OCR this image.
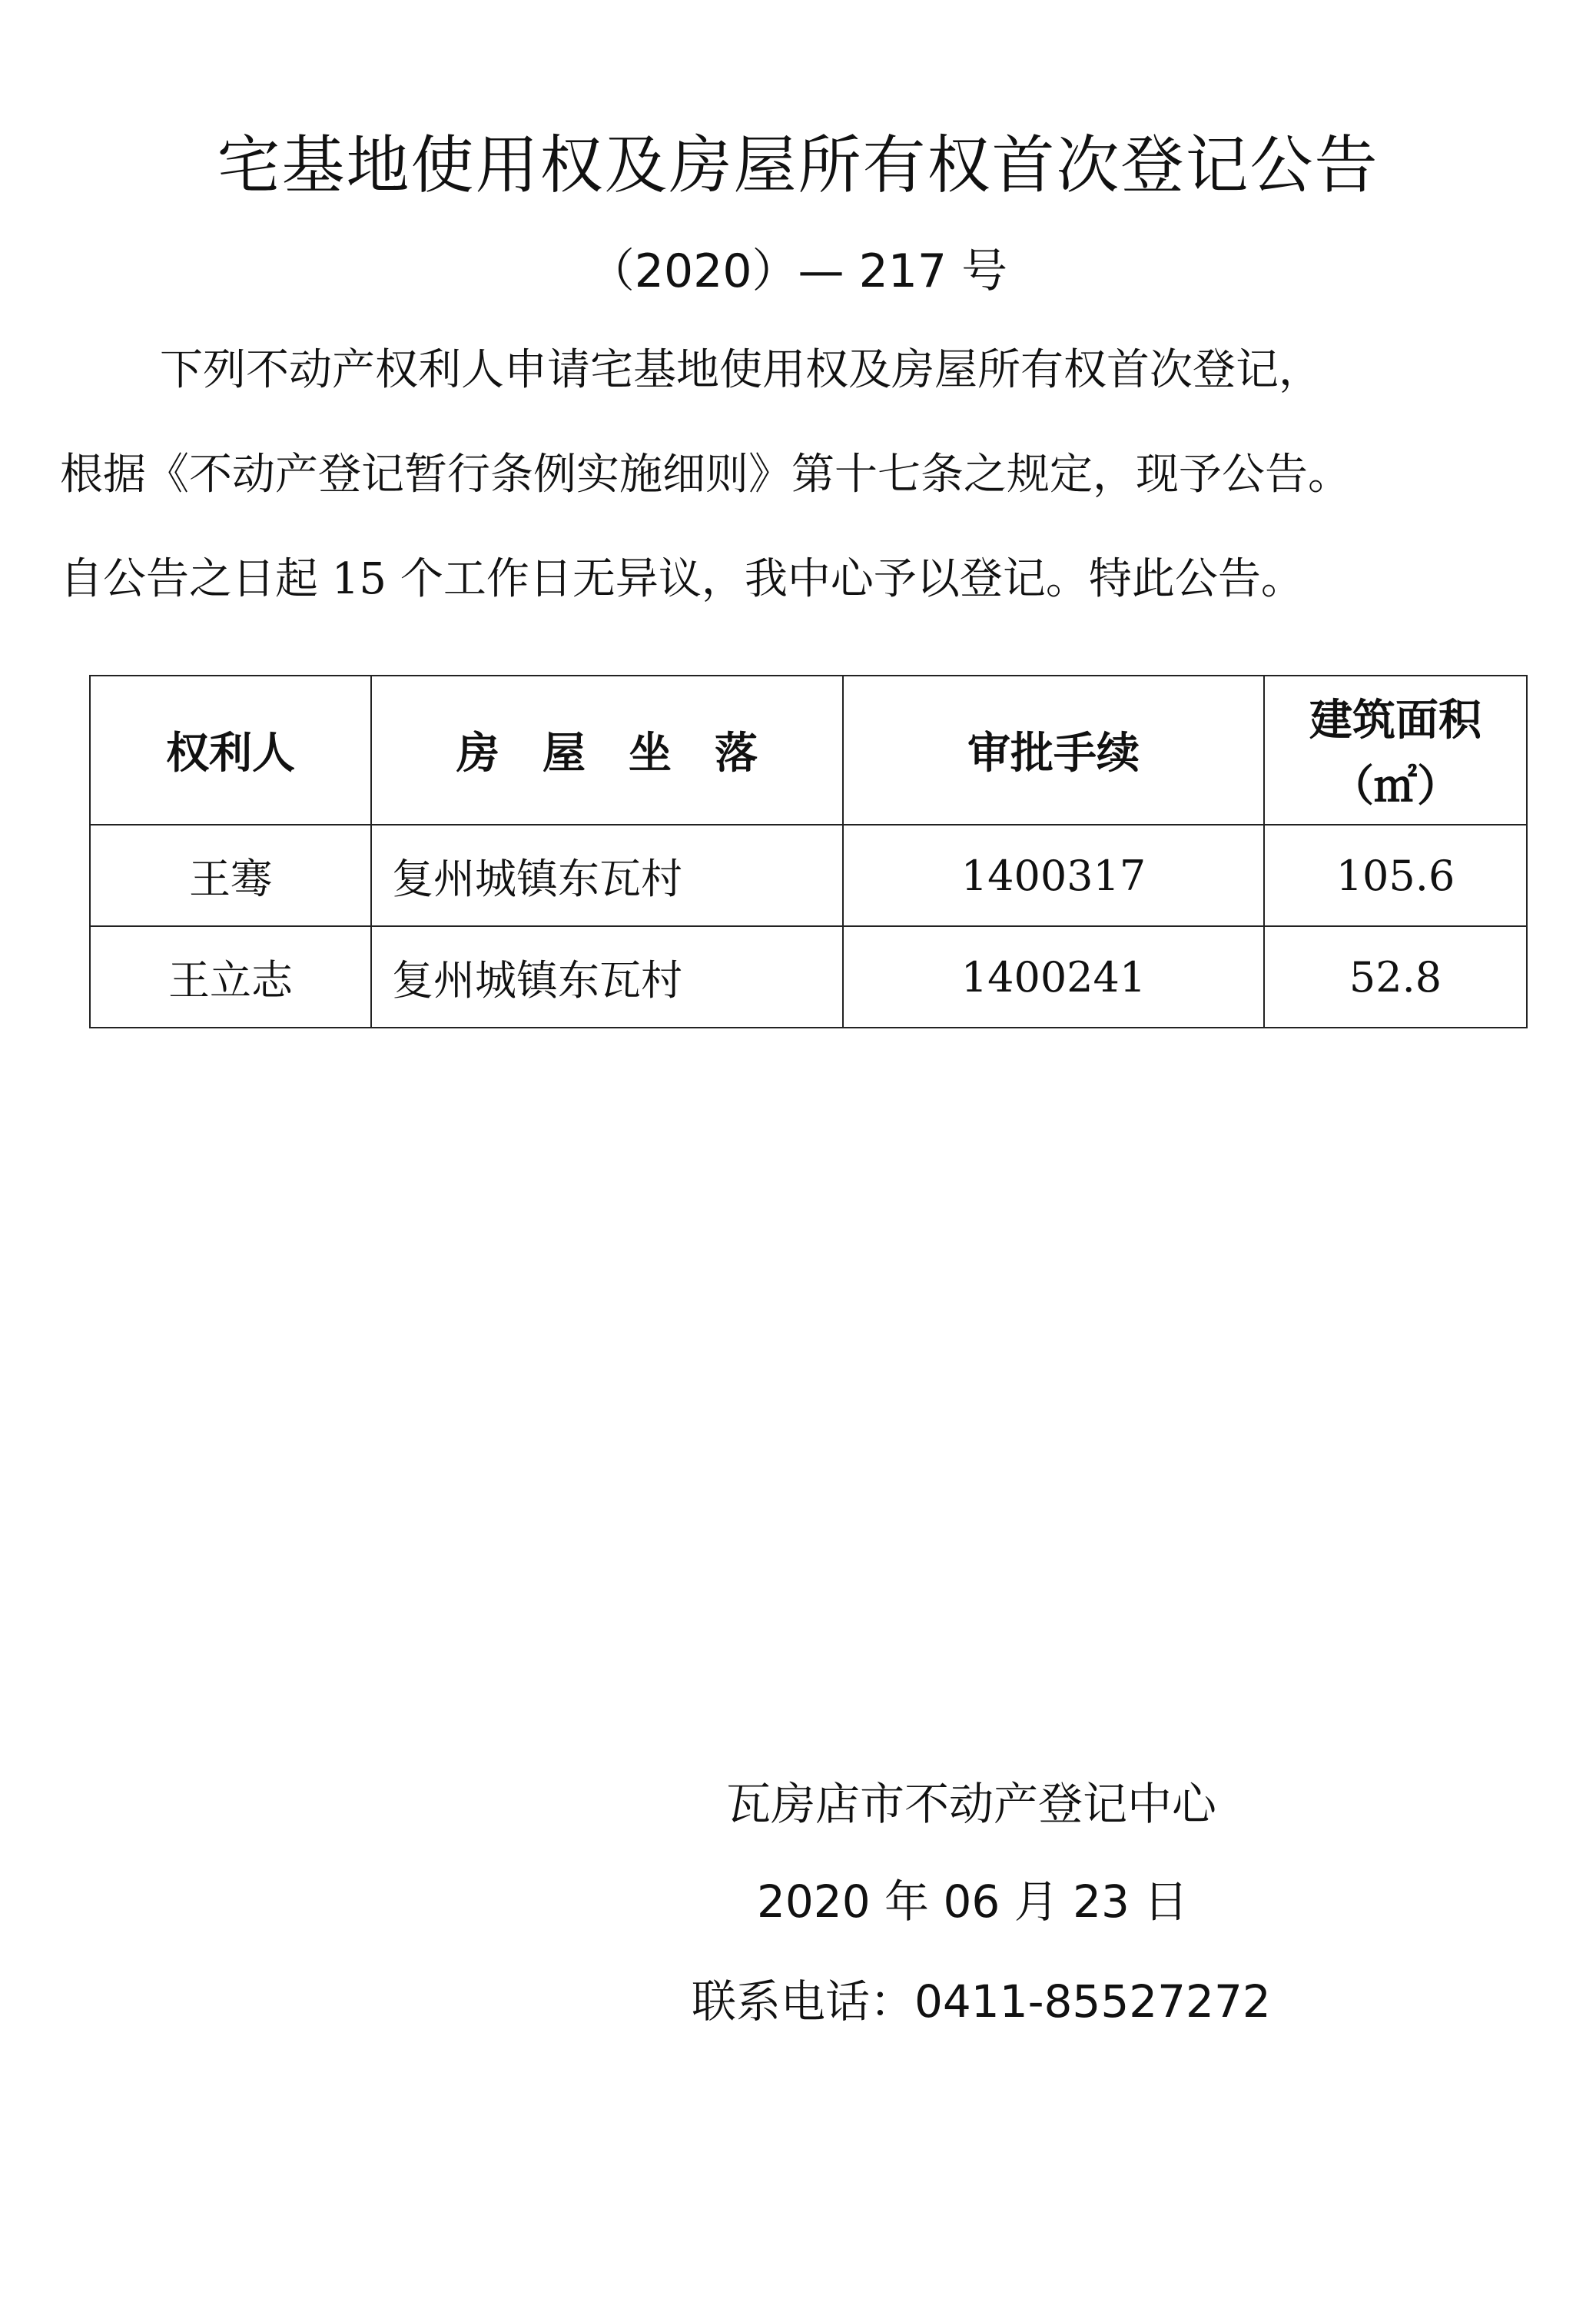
宅基地使用权及房屋所有权首次登记公告
（2020）— 217 号
下列不动产权利人申请宅基地使用权及房屋所有权首次登记，
根据《不动产登记暂行条例实施细则》第十七条之规定，现予公告。
自公告之日起 15 个工作日无异议，我中心予以登记。特此公告。
权利人	房　屋　坐　落	审批手续	建筑面积
（㎡）

王骞	复州城镇东瓦村	1400317	105.6
王立志	复州城镇东瓦村	1400241	52.8
瓦房店市不动产登记中心
2020 年 06 月 23 日
联系电话：0411-85527272
